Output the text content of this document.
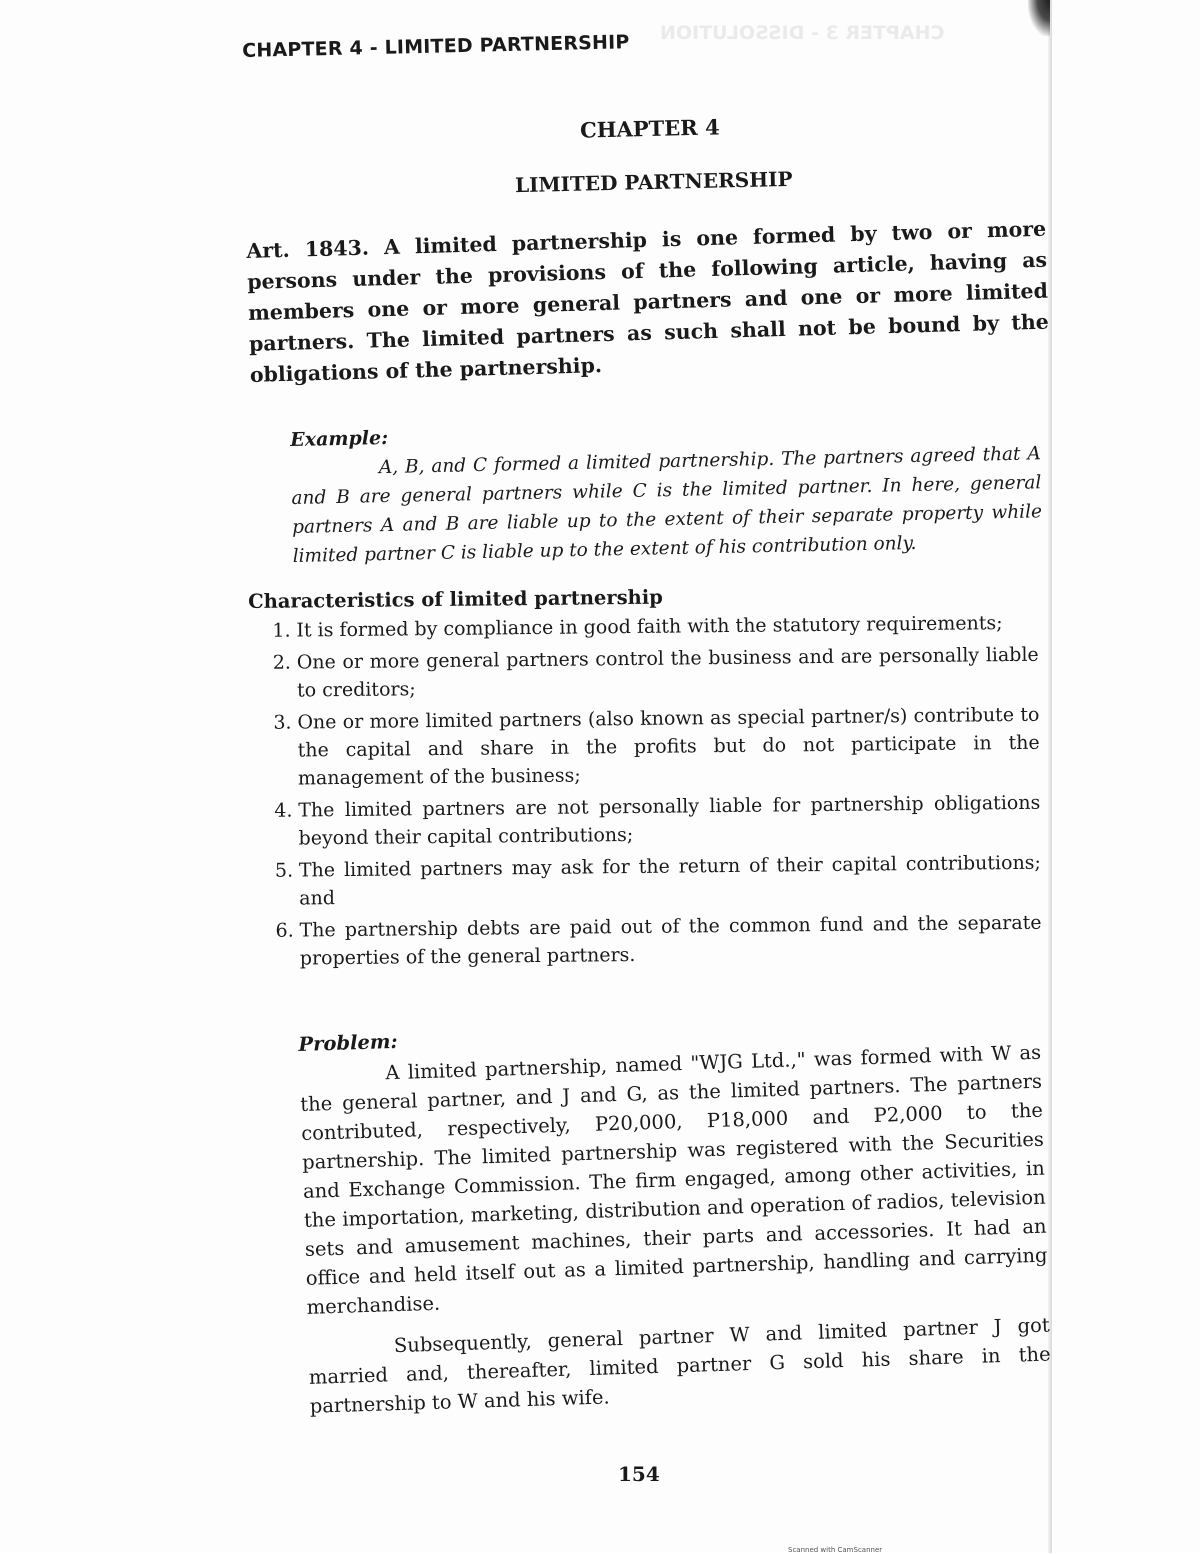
CHAPTER 3 - DISSOLUTION
CHAPTER 4 - LIMITED PARTNERSHIP
CHAPTER 4
LIMITED PARTNERSHIP
Art. 1843. A limited partnership is one formed by two or more persons under the provisions of the following article, having as members one or more general partners and one or more limited partners. The limited partners as such shall not be bound by the obligations of the partnership.
Example:
A, B, and C formed a limited partnership. The partners agreed that A and B are general partners while C is the limited partner. In here, general partners A and B are liable up to the extent of their separate property while limited partner C is liable up to the extent of his contribution only.
Characteristics of limited partnership
1. It is formed by compliance in good faith with the statutory requirements;
2. One or more general partners control the business and are personally liable to creditors;
3. One or more limited partners (also known as special partner/s) contribute to the capital and share in the profits but do not participate in the management of the business;
4. The limited partners are not personally liable for partnership obligations beyond their capital contributions;
5. The limited partners may ask for the return of their capital contributions; and
6. The partnership debts are paid out of the common fund and the separate properties of the general partners.
Problem:

A limited partnership, named "WJG Ltd.," was formed with W as the general partner, and J and G, as the limited partners. The partners contributed, respectively, P20,000, P18,000 and P2,000 to the partnership. The limited partnership was registered with the Securities and Exchange Commission. The firm engaged, among other activities, in the importation, marketing, distribution and operation of radios, television sets and amusement machines, their parts and accessories. It had an office and held itself out as a limited partnership, handling and carrying merchandise.

Subsequently, general partner W and limited partner J got married and, thereafter, limited partner G sold his share in the partnership to W and his wife.

154
Scanned with CamScanner
